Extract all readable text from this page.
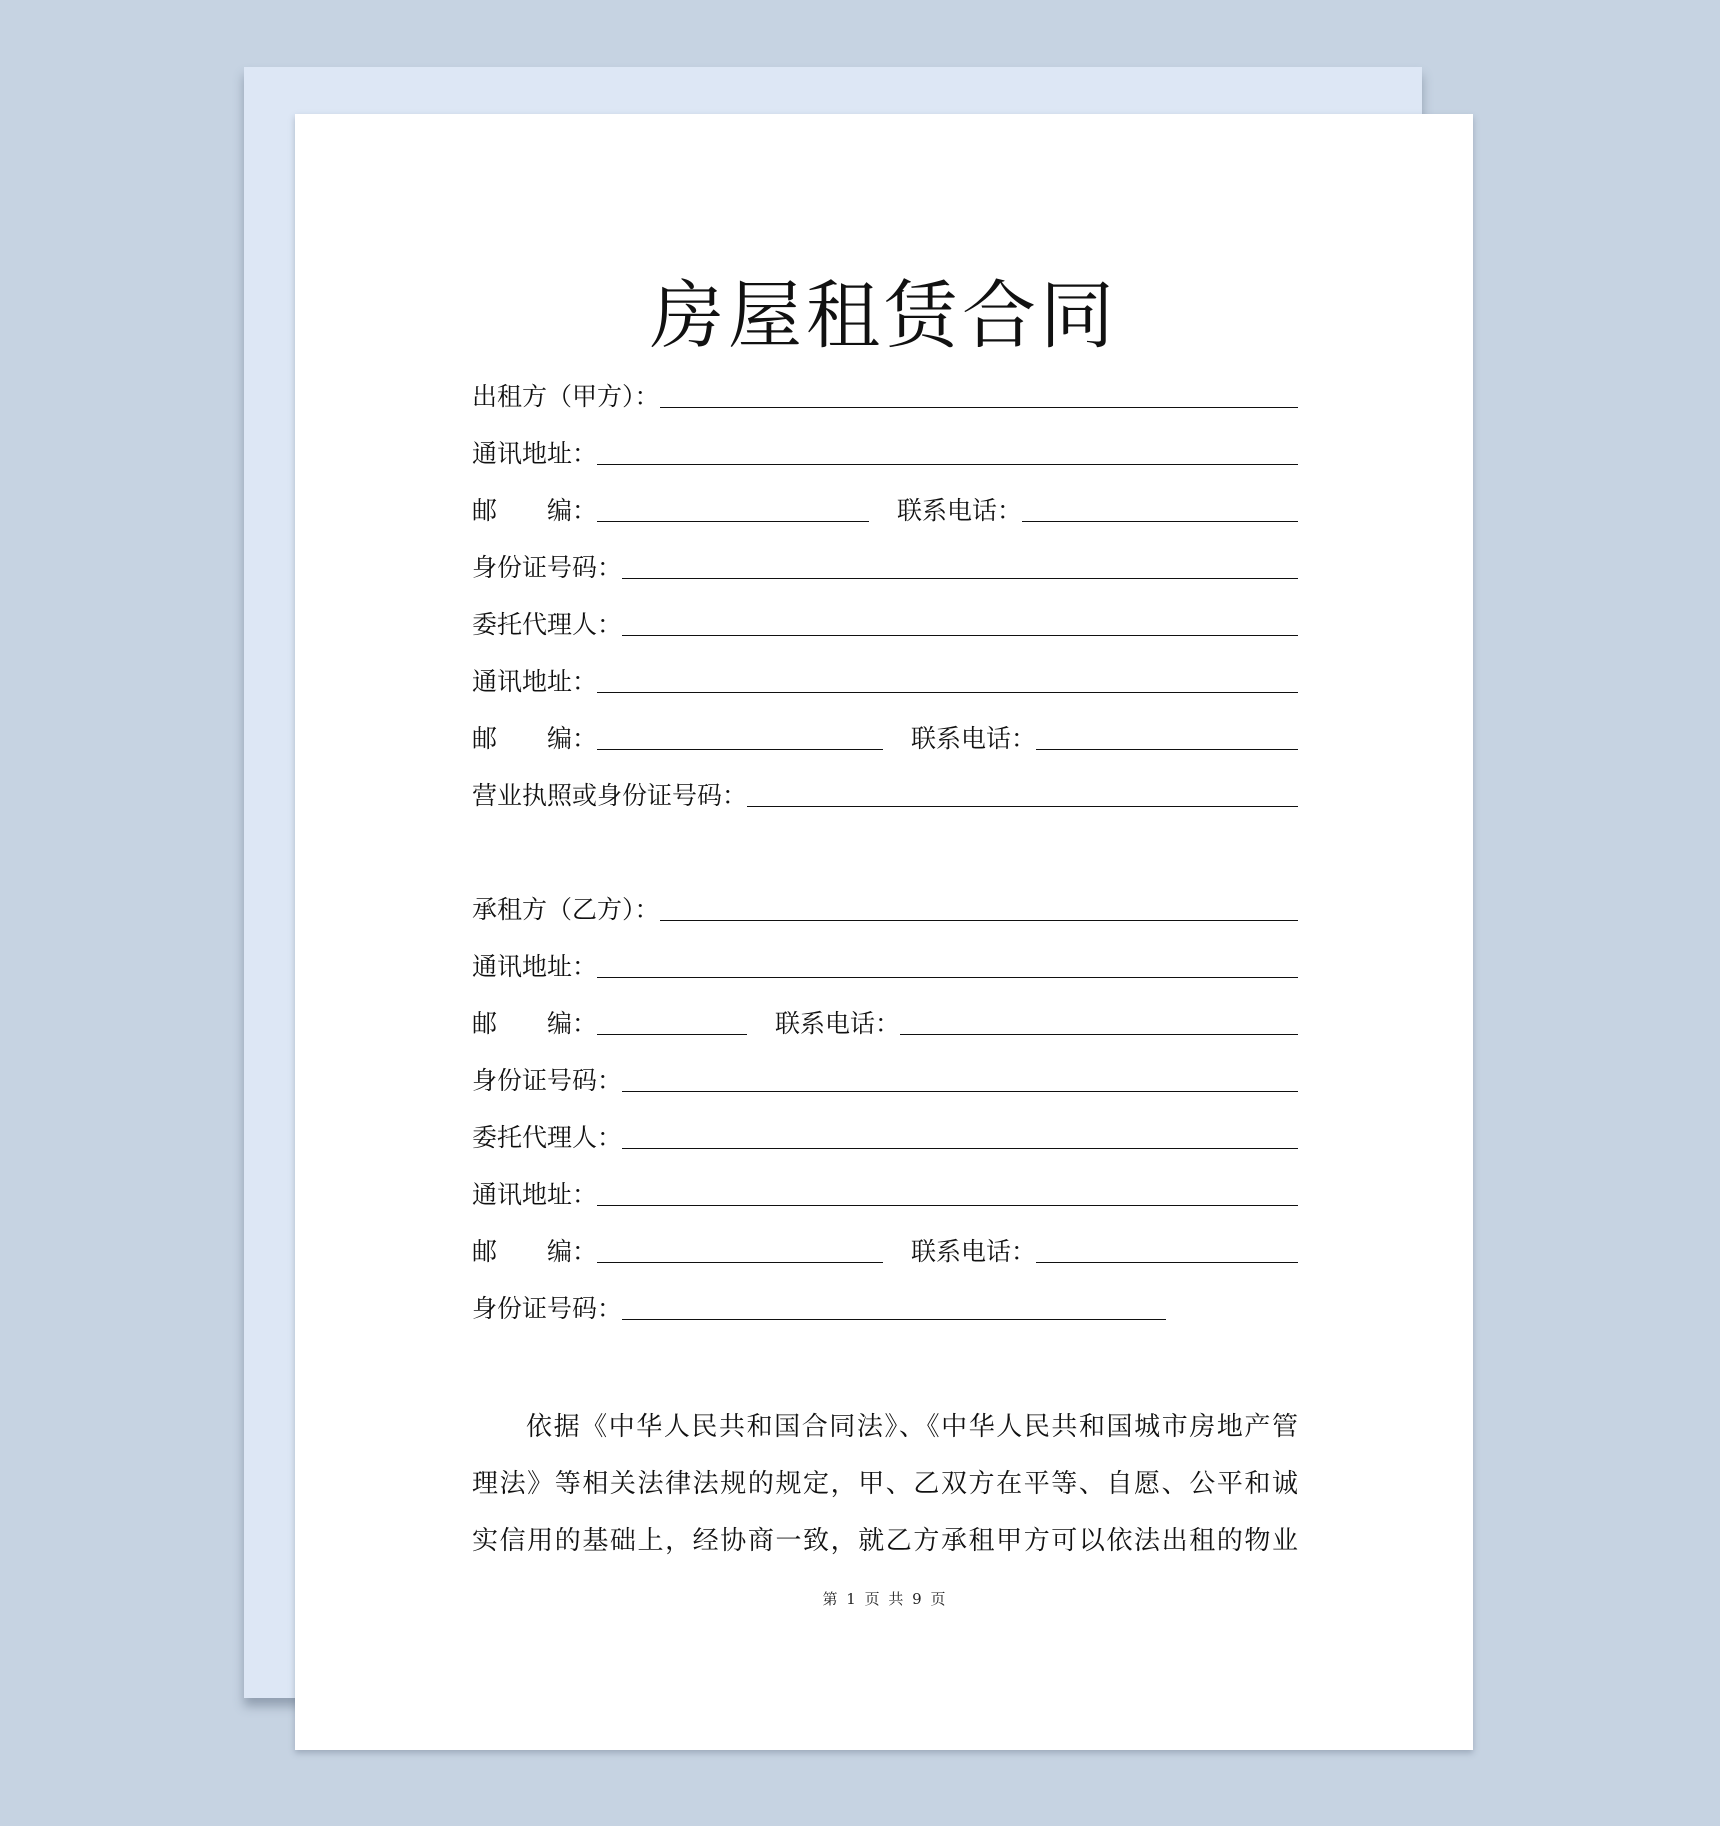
房屋租赁合同
出租方（甲方）：
通讯地址：
邮　　编：	联系电话：
身份证号码：
委托代理人：
通讯地址：
邮　　编：	联系电话：
营业执照或身份证号码：
承租方（乙方）：
通讯地址：
邮　　编：	联系电话：
身份证号码：
委托代理人：
通讯地址：
邮　　编：	联系电话：
身份证号码：
依据《中华人民共和国合同法》、《中华人民共和国城市房地产管
理法》等相关法律法规的规定，甲、乙双方在平等、自愿、公平和诚
实信用的基础上，经协商一致，就乙方承租甲方可以依法出租的物业
第 1 页 共 9 页
